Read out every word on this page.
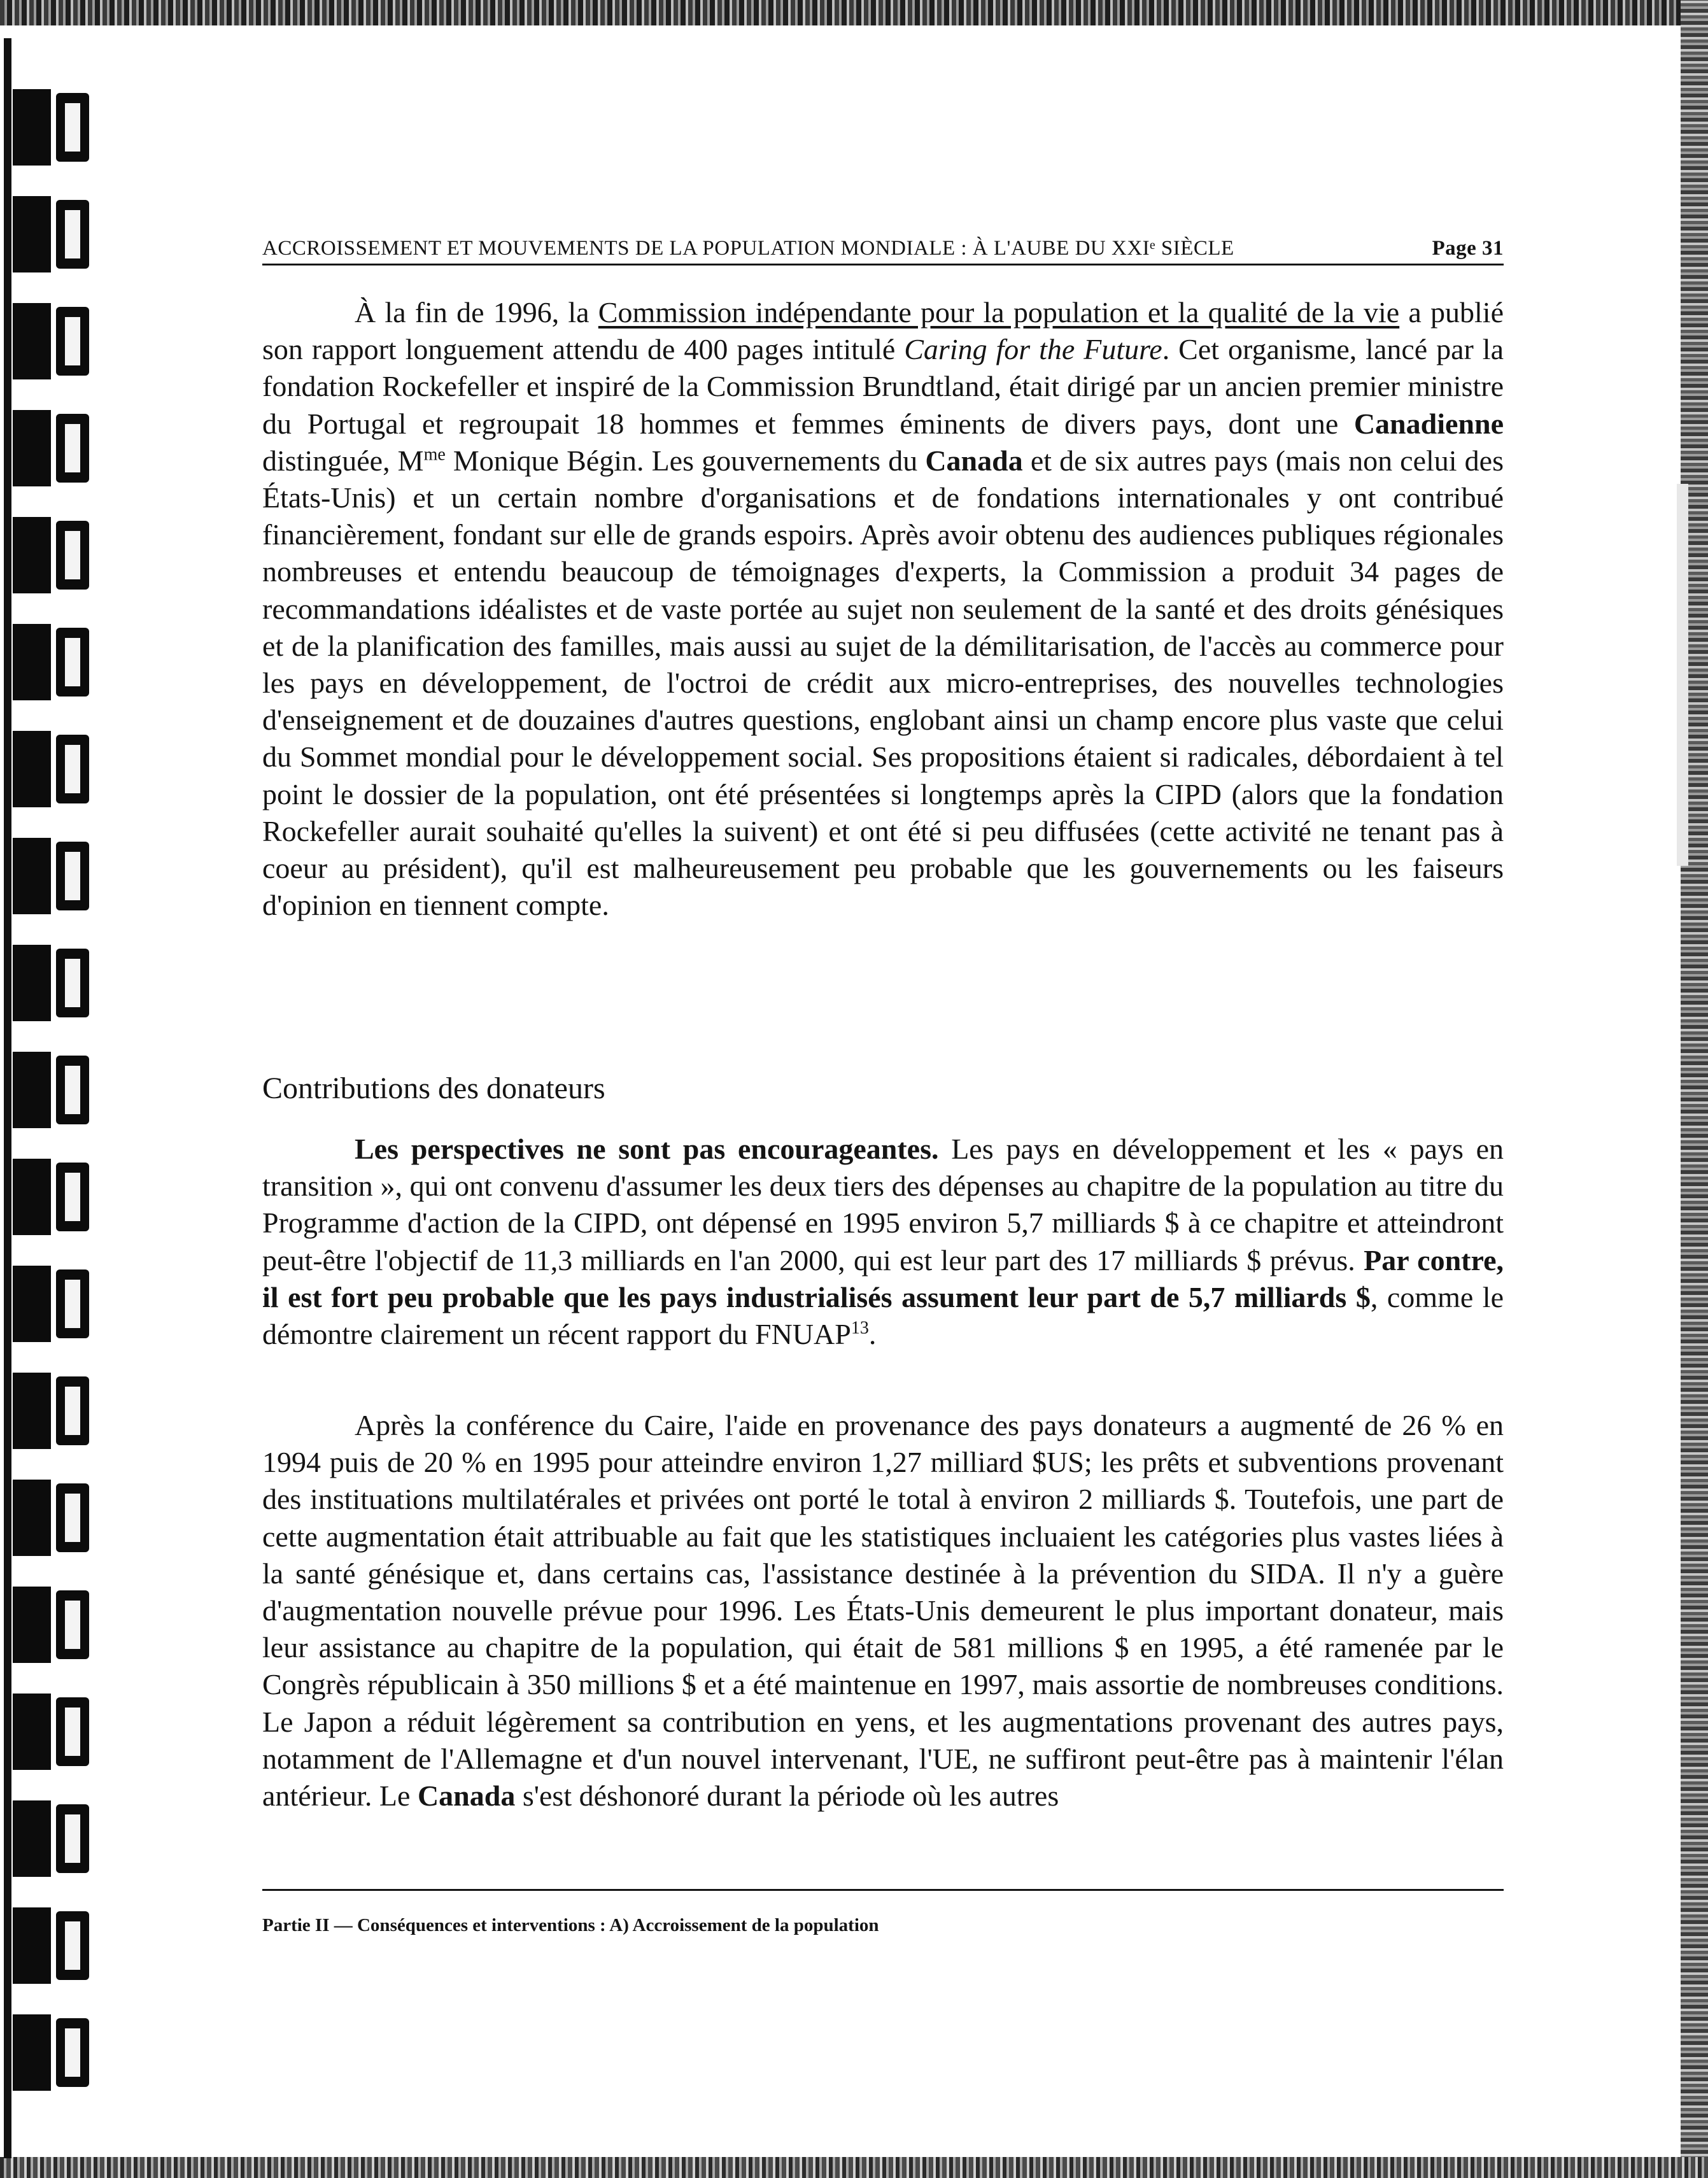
ACCROISSEMENT ET MOUVEMENTS DE LA POPULATION MONDIALE : À L'AUBE DU XXIᵉ SIÈCLE	Page 31

À la fin de 1996, la Commission indépendante pour la population et la qualité de la vie a publié son rapport longuement attendu de 400 pages intitulé Caring for the Future. Cet organisme, lancé par la fondation Rockefeller et inspiré de la Commission Brundtland, était dirigé par un ancien premier ministre du Portugal et regroupait 18 hommes et femmes éminents de divers pays, dont une Canadienne distinguée, $M^{me}$ Monique Bégin. Les gouvernements du Canada et de six autres pays (mais non celui des États-Unis) et un certain nombre d'organisations et de fondations internationales y ont contribué financièrement, fondant sur elle de grands espoirs. Après avoir obtenu des audiences publiques régionales nombreuses et entendu beaucoup de témoignages d'experts, la Commission a produit 34 pages de recommandations idéalistes et de vaste portée au sujet non seulement de la santé et des droits génésiques et de la planification des familles, mais aussi au sujet de la démilitarisation, de l'accès au commerce pour les pays en développement, de l'octroi de crédit aux micro-entreprises, des nouvelles technologies d'enseignement et de douzaines d'autres questions, englobant ainsi un champ encore plus vaste que celui du Sommet mondial pour le développement social. Ses propositions étaient si radicales, débordaient à tel point le dossier de la population, ont été présentées si longtemps après la CIPD (alors que la fondation Rockefeller aurait souhaité qu'elles la suivent) et ont été si peu diffusées (cette activité ne tenant pas à coeur au président), qu'il est malheureusement peu probable que les gouvernements ou les faiseurs d'opinion en tiennent compte.

Contributions des donateurs

Les perspectives ne sont pas encourageantes. Les pays en développement et les « pays en transition », qui ont convenu d'assumer les deux tiers des dépenses au chapitre de la population au titre du Programme d'action de la CIPD, ont dépensé en 1995 environ 5,7 milliards $ à ce chapitre et atteindront peut-être l'objectif de 11,3 milliards en l'an 2000, qui est leur part des 17 milliards $ prévus. Par contre, il est fort peu probable que les pays industrialisés assument leur part de 5,7 milliards $, comme le démontre clairement un récent rapport du FNUAP$^{13}$.

Après la conférence du Caire, l'aide en provenance des pays donateurs a augmenté de 26 % en 1994 puis de 20 % en 1995 pour atteindre environ 1,27 milliard $US; les prêts et subventions provenant des instituations multilatérales et privées ont porté le total à environ 2 milliards $. Toutefois, une part de cette augmentation était attribuable au fait que les statistiques incluaient les catégories plus vastes liées à la santé génésique et, dans certains cas, l'assistance destinée à la prévention du SIDA. Il n'y a guère d'augmentation nouvelle prévue pour 1996. Les États-Unis demeurent le plus important donateur, mais leur assistance au chapitre de la population, qui était de 581 millions $ en 1995, a été ramenée par le Congrès républicain à 350 millions $ et a été maintenue en 1997, mais assortie de nombreuses conditions. Le Japon a réduit légèrement sa contribution en yens, et les augmentations provenant des autres pays, notamment de l'Allemagne et d'un nouvel intervenant, l'UE, ne suffiront peut-être pas à maintenir l'élan antérieur. Le Canada s'est déshonoré durant la période où les autres

Partie II — Conséquences et interventions : A) Accroissement de la population
